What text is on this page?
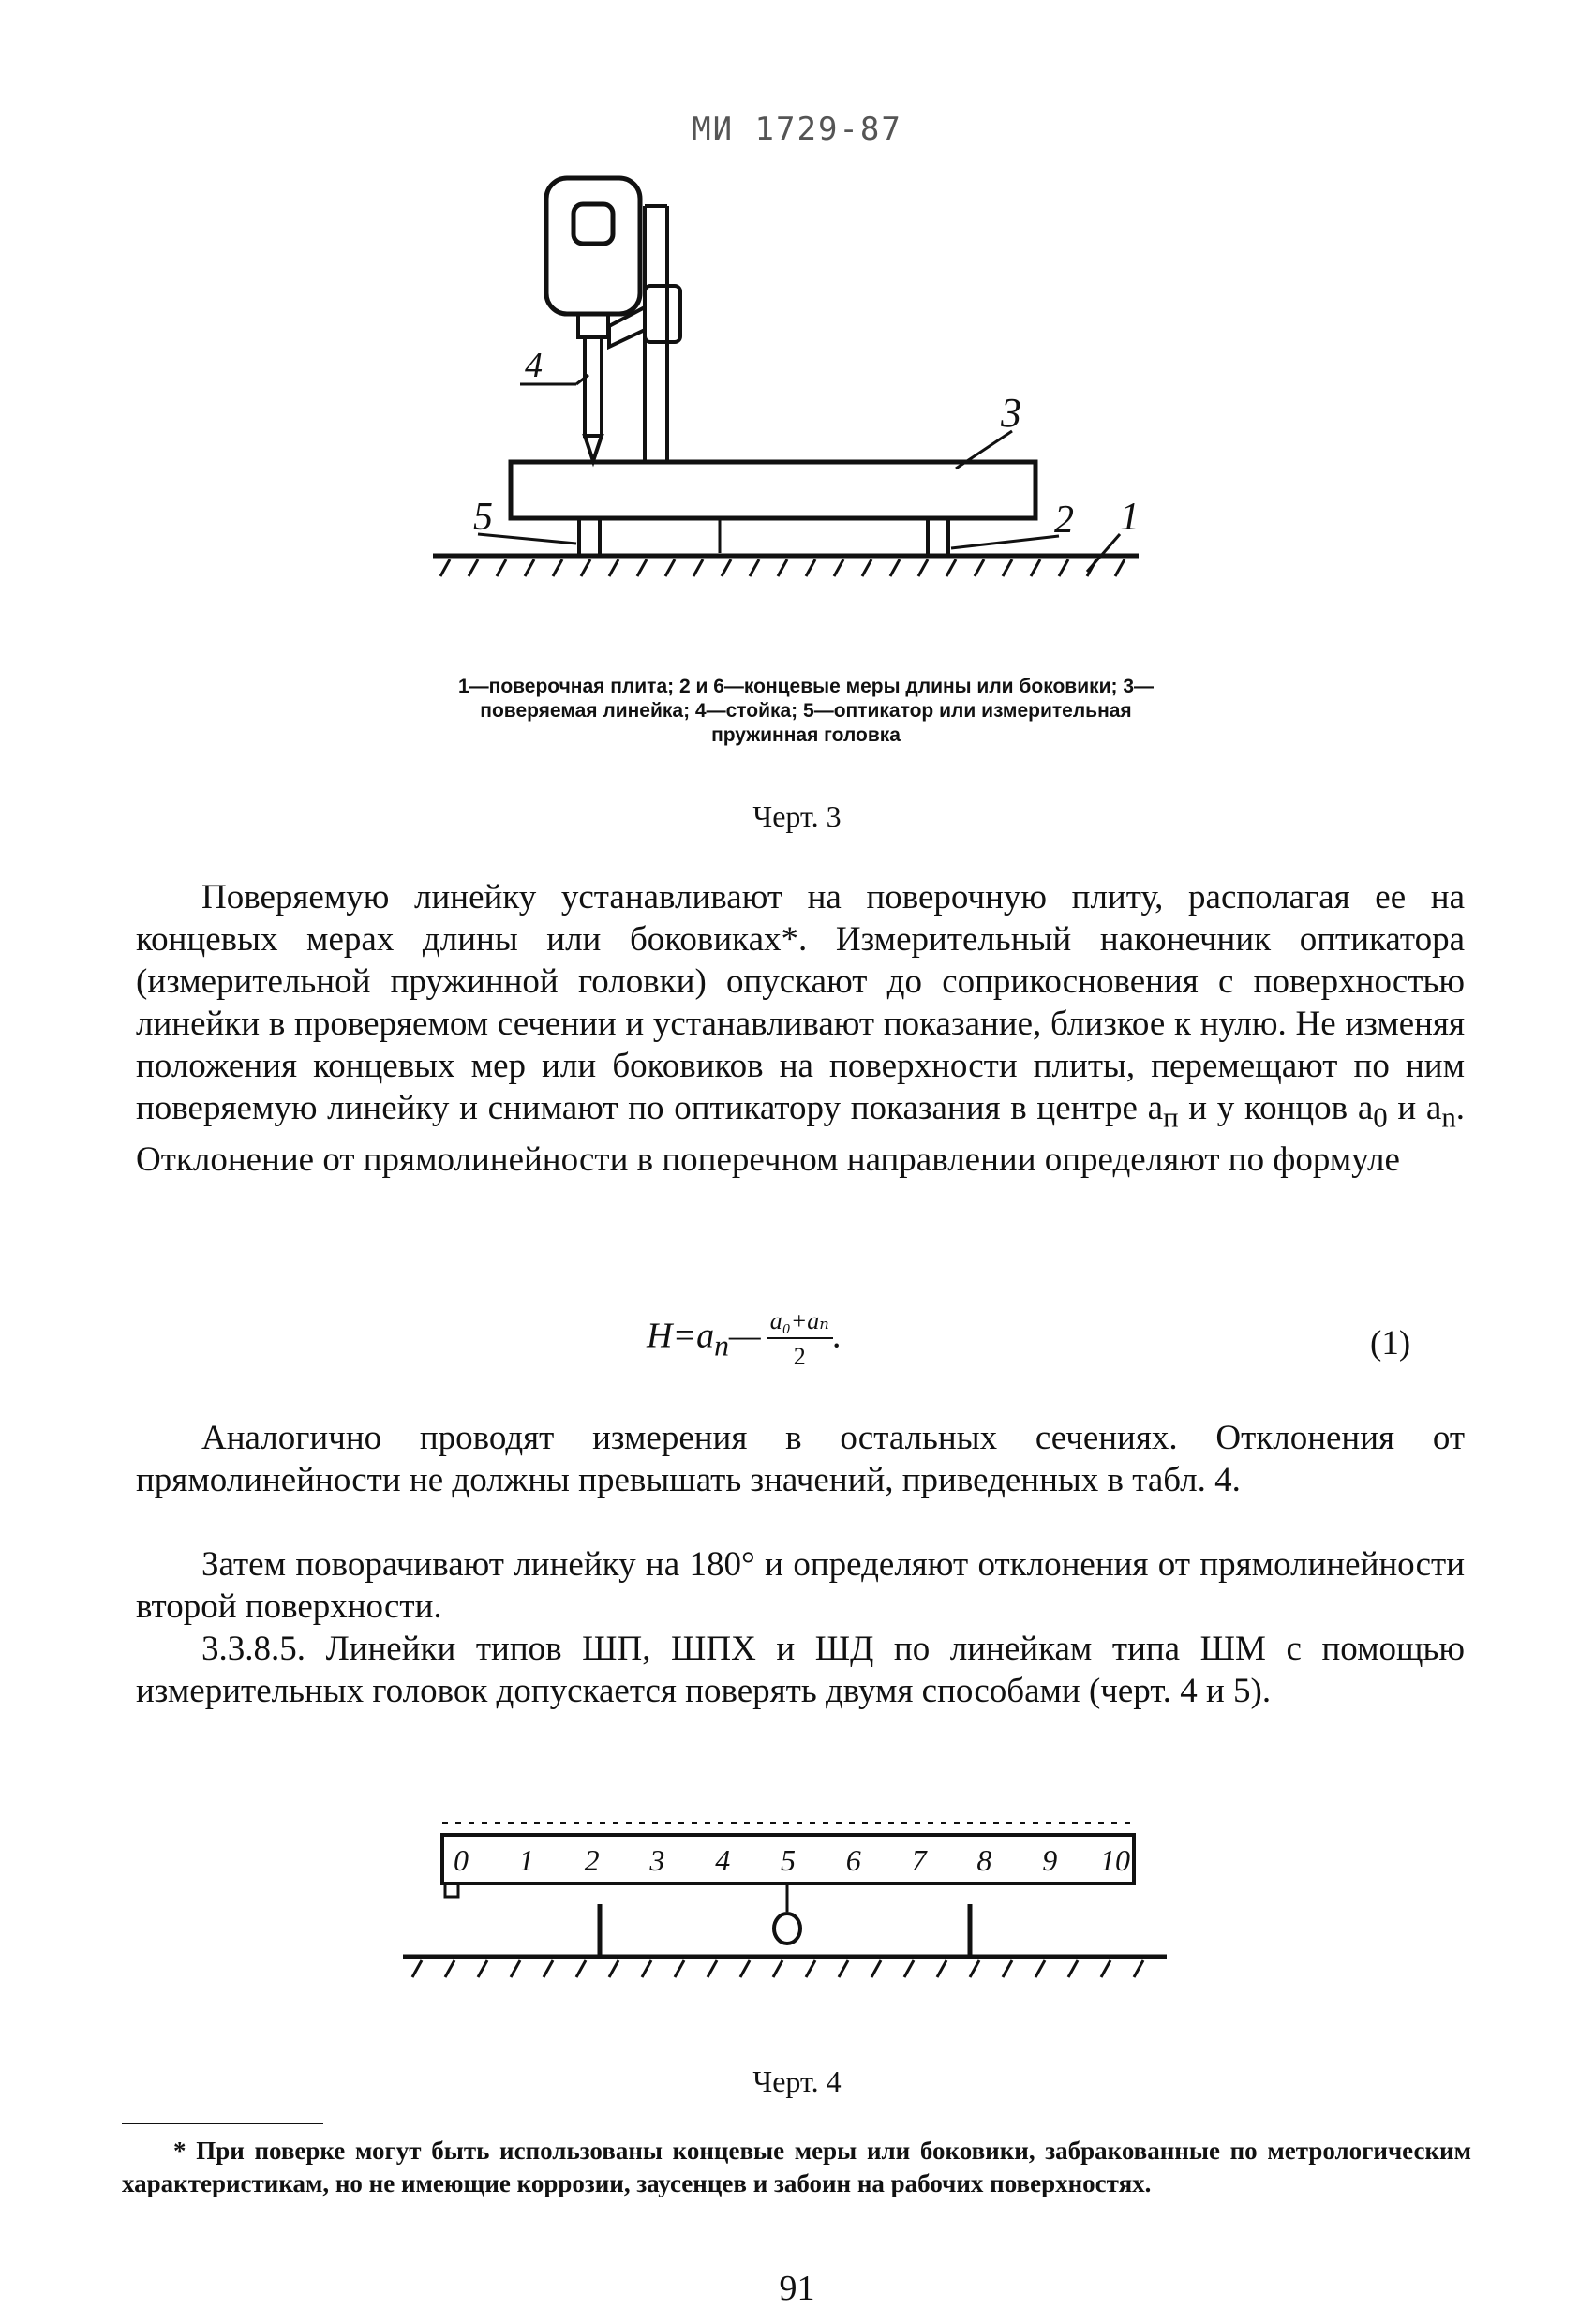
МИ 1729-87
4
3
5	2 1
1—поверочная плита; 2 и 6—концевые меры длины или боковики; 3—поверяемая линейка; 4—стойка; 5—оптикатор или измерительная пружинная головка
Черт. 3
Поверяемую линейку устанавливают на поверочную плиту, располагая ее на концевых мерах длины или боковиках*. Измерительный наконечник оптикатора (измерительной пружинной головки) опускают до соприкосновения с поверхностью линейки в проверяемом сечении и устанавливают показание, близкое к нулю. Не изменяя положения концевых мер или боковиков на поверхности плиты, перемещают по ним поверяемую линейку и снимают по оптикатору показания в центре $a_п$ и у концов $a_0$ и $a_n$. Отклонение от прямолинейности в поперечном направлении определяют по формуле
$H=a_п— \frac{\text{a₀+aₙ}}{2}$ .	(1)
Аналогично проводят измерения в остальных сечениях. Отклонения от прямолинейности не должны превышать значений, приведенных в табл. 4.
Затем поворачивают линейку на 180° и определяют отклонения от прямолинейности второй поверхности.
3.3.8.5. Линейки типов ШП, ШПХ и ШД по линейкам типа ШМ с помощью измерительных головок допускается поверять двумя способами (черт. 4 и 5).
0 1 2 3 4 5 6 7 8 9 10
Черт. 4
* При поверке могут быть использованы концевые меры или боковики, забракованные по метрологическим характеристикам, но не имеющие коррозии, заусенцев и забоин на рабочих поверхностях.
91
